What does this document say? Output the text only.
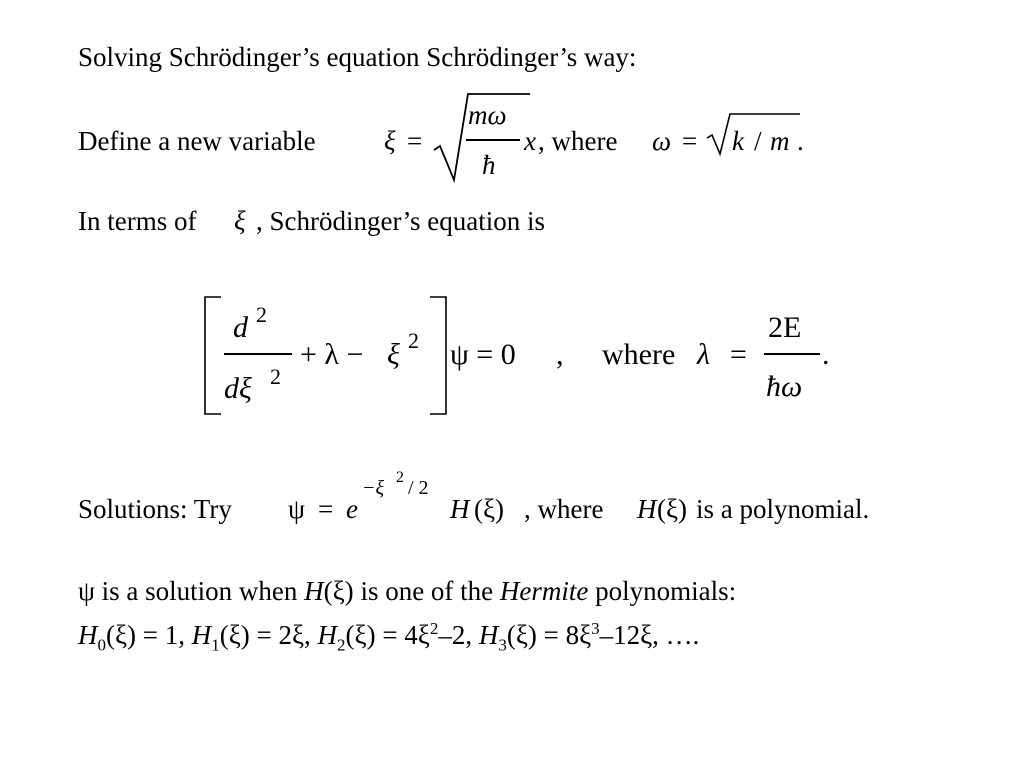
Solving Schrödinger’s equation Schrödinger’s way:
Define a new variable	ξ =
mω
ħ
x , where ω = k / m .
In terms of ξ , Schrödinger’s equation is
d 2
dξ 2
+ λ − ξ 2 ψ = 0 , where λ =
2E
ħω
.
Solutions: Try ψ = e
−ξ 2 / 2
H (ξ) , where H (ξ) is a polynomial.
ψ is a solution when H(ξ) is one of the Hermite polynomials:
$H_0(\xi) = 1$, $H_1(\xi) = 2\xi$, $H_2(\xi) = 4\xi^2-2$, $H_3(\xi) = 8\xi^3-12\xi$, ….
